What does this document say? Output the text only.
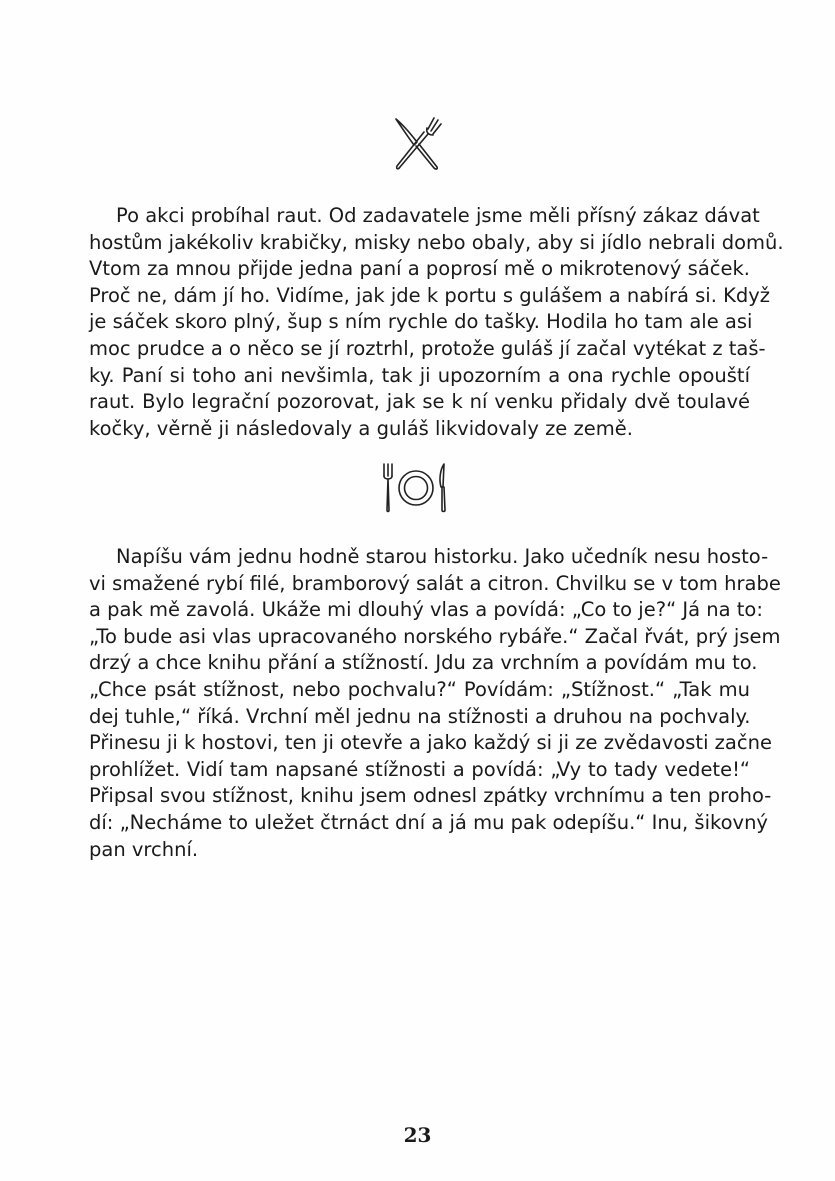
Po akci probíhal raut. Od zadavatele jsme měli přísný zákaz dávat
hostům jakékoliv krabičky, misky nebo obaly, aby si jídlo nebrali domů.
Vtom za mnou přijde jedna paní a poprosí mě o mikrotenový sáček.
Proč ne, dám jí ho. Vidíme, jak jde k portu s gulášem a nabírá si. Když
je sáček skoro plný, šup s ním rychle do tašky. Hodila ho tam ale asi
moc prudce a o něco se jí roztrhl, protože guláš jí začal vytékat z taš-
ky. Paní si toho ani nevšimla, tak ji upozorním a ona rychle opouští
raut. Bylo legrační pozorovat, jak se k ní venku přidaly dvě toulavé
kočky, věrně ji následovaly a guláš likvidovaly ze země.

Napíšu vám jednu hodně starou historku. Jako učedník nesu hosto-
vi smažené rybí filé, bramborový salát a citron. Chvilku se v tom hrabe
a pak mě zavolá. Ukáže mi dlouhý vlas a povídá: „Co to je?“ Já na to:
„To bude asi vlas upracovaného norského rybáře.“ Začal řvát, prý jsem
drzý a chce knihu přání a stížností. Jdu za vrchním a povídám mu to.
„Chce psát stížnost, nebo pochvalu?“ Povídám: „Stížnost.“ „Tak mu
dej tuhle,“ říká. Vrchní měl jednu na stížnosti a druhou na pochvaly.
Přinesu ji k hostovi, ten ji otevře a jako každý si ji ze zvědavosti začne
prohlížet. Vidí tam napsané stížnosti a povídá: „Vy to tady vedete!“
Připsal svou stížnost, knihu jsem odnesl zpátky vrchnímu a ten proho-
dí: „Necháme to uležet čtrnáct dní a já mu pak odepíšu.“ Inu, šikovný
pan vrchní.

23
